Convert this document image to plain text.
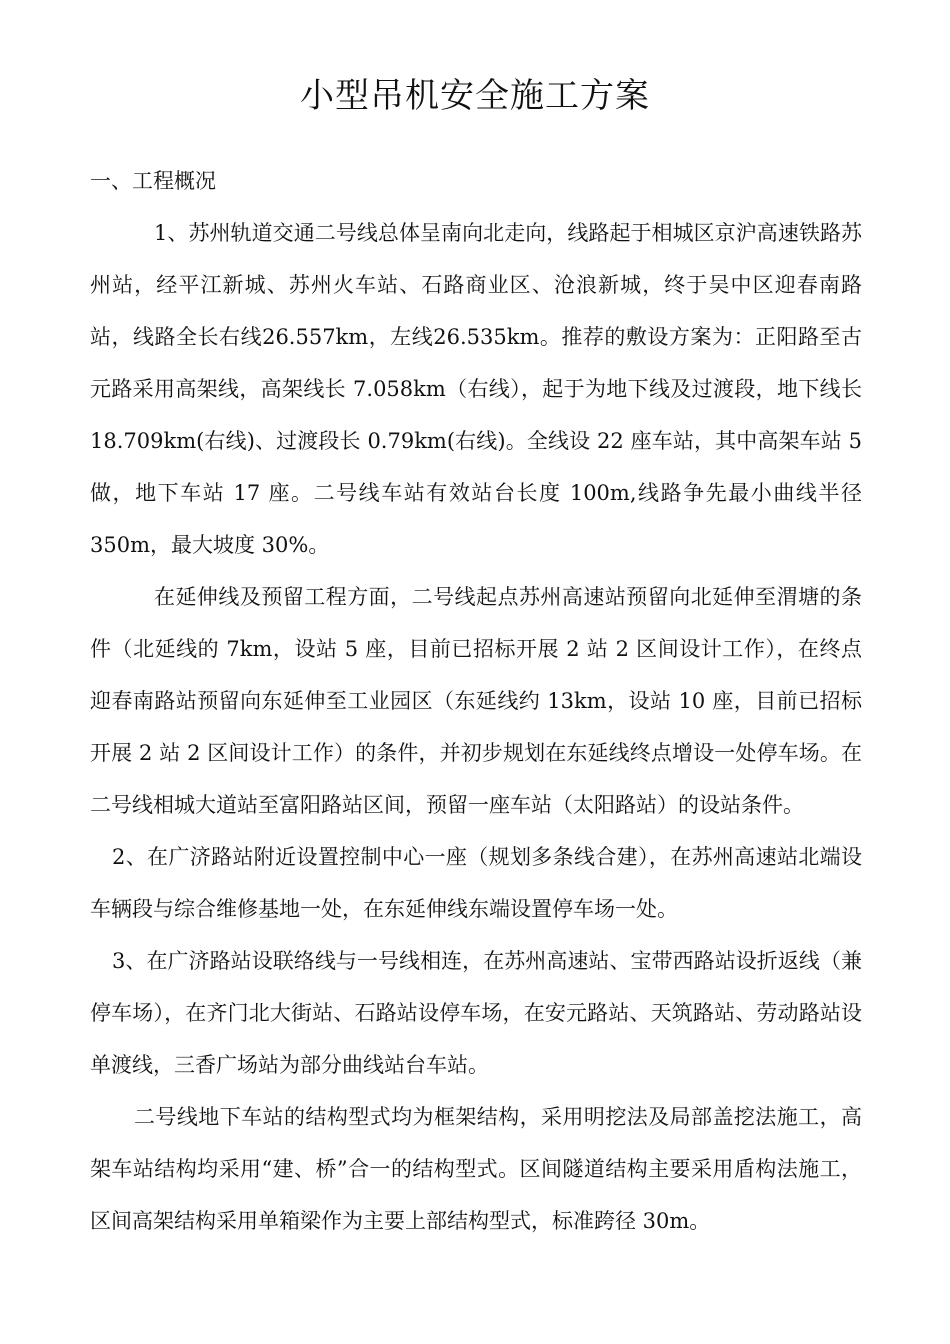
小型吊机安全施工方案

一、工程概况

1、苏州轨道交通二号线总体呈南向北走向，线路起于相城区京沪高速铁路苏州站，经平江新城、苏州火车站、石路商业区、沧浪新城，终于吴中区迎春南路站，线路全长右线26.557km，左线26.535km。推荐的敷设方案为：正阳路至古元路采用高架线，高架线长 7.058km（右线），起于为地下线及过渡段，地下线长 18.709km(右线)、过渡段长 0.79km(右线)。全线设 22 座车站，其中高架车站 5 做，地下车站 17 座。二号线车站有效站台长度 100m,线路争先最小曲线半径 350m，最大坡度 30%。

在延伸线及预留工程方面，二号线起点苏州高速站预留向北延伸至渭塘的条件（北延线的 7km，设站 5 座，目前已招标开展 2 站 2 区间设计工作），在终点迎春南路站预留向东延伸至工业园区（东延线约 13km，设站 10 座，目前已招标开展 2 站 2 区间设计工作）的条件，并初步规划在东延线终点增设一处停车场。在二号线相城大道站至富阳路站区间，预留一座车站（太阳路站）的设站条件。

2、在广济路站附近设置控制中心一座（规划多条线合建），在苏州高速站北端设车辆段与综合维修基地一处，在东延伸线东端设置停车场一处。

3、在广济路站设联络线与一号线相连，在苏州高速站、宝带西路站设折返线（兼停车场），在齐门北大街站、石路站设停车场，在安元路站、天筑路站、劳动路站设单渡线，三香广场站为部分曲线站台车站。

二号线地下车站的结构型式均为框架结构，采用明挖法及局部盖挖法施工，高架车站结构均采用“建、桥”合一的结构型式。区间隧道结构主要采用盾构法施工，区间高架结构采用单箱梁作为主要上部结构型式，标准跨径 30m。
